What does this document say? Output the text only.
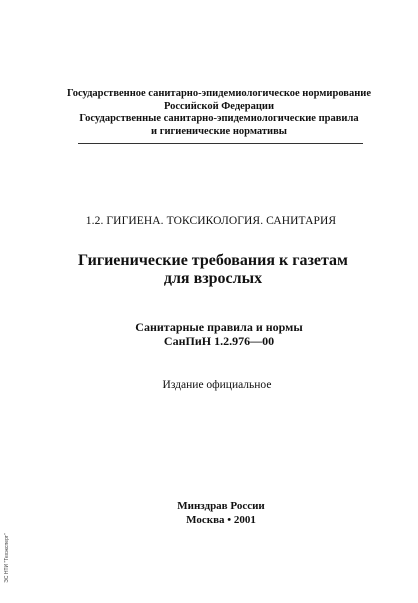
Государственное санитарно-эпидемиологическое нормирование
Российской Федерации
Государственные санитарно-эпидемиологические правила
и гигиенические нормативы
1.2. ГИГИЕНА. ТОКСИКОЛОГИЯ. САНИТАРИЯ
Гигиенические требования к газетам
для взрослых
Санитарные правила и нормы
СанПиН 1.2.976—00
Издание официальное
Минздрав России
Москва • 2001
ЭС НТИ "Техэксперт"
